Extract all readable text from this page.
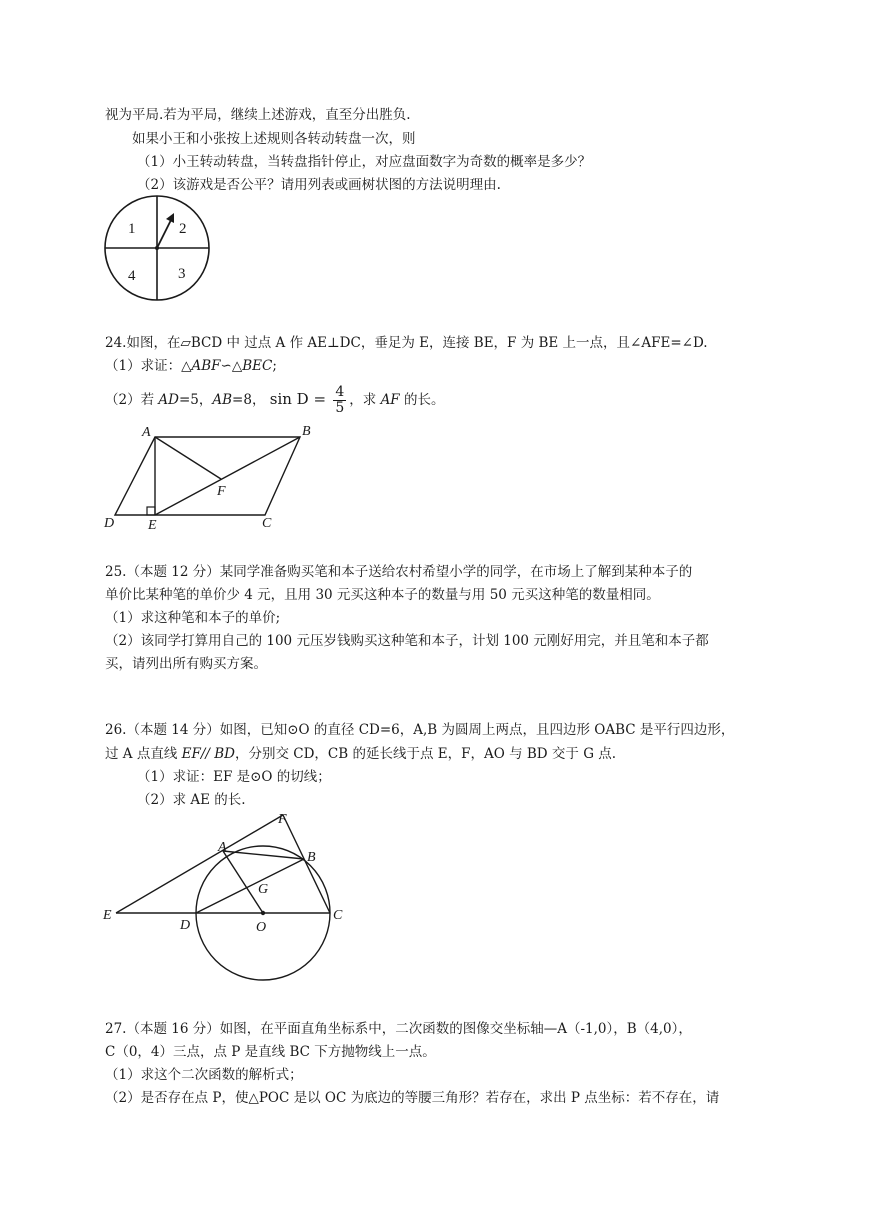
视为平局.若为平局，继续上述游戏，直至分出胜负.
如果小王和小张按上述规则各转动转盘一次，则
（1）小王转动转盘，当转盘指针停止，对应盘面数字为奇数的概率是多少？
（2）该游戏是否公平？请用列表或画树状图的方法说明理由.
1	2
4	3
24.如图，在▱BCD 中 过点 A 作 AE⊥DC，垂足为 E，连接 BE，F 为 BE 上一点，且∠AFE=∠D.
（1）求证：△ABF∽△BEC;
（2）若 AD=5，AB=8， $\sin D = \frac{4}{5}$ ，求 AF 的长。
A	B
F
D E	C
25.（本题 12 分）某同学准备购买笔和本子送给农村希望小学的同学，在市场上了解到某种本子的
单价比某种笔的单价少 4 元，且用 30 元买这种本子的数量与用 50 元买这种笔的数量相同。
（1）求这种笔和本子的单价;
（2）该同学打算用自己的 100 元压岁钱购买这种笔和本子，计划 100 元刚好用完，并且笔和本子都
买，请列出所有购买方案。
26.（本题 14 分）如图，已知⊙O 的直径 CD=6，A,B 为圆周上两点，且四边形 OABC 是平行四边形，
过 A 点直线 EF// BD，分别交 CD，CB 的延长线于点 E，F，AO 与 BD 交于 G 点.
（1）求证：EF 是⊙O 的切线；
（2）求 AE 的长.
F
A
B
G
E
D	O
C
27.（本题 16 分）如图，在平面直角坐标系中，二次函数的图像交坐标轴—A（-1,0），B（4,0），
C（0，4）三点，点 P 是直线 BC 下方抛物线上一点。
（1）求这个二次函数的解析式；
（2）是否存在点 P，使△POC 是以 OC 为底边的等腰三角形？若存在，求出 P 点坐标：若不存在，请
